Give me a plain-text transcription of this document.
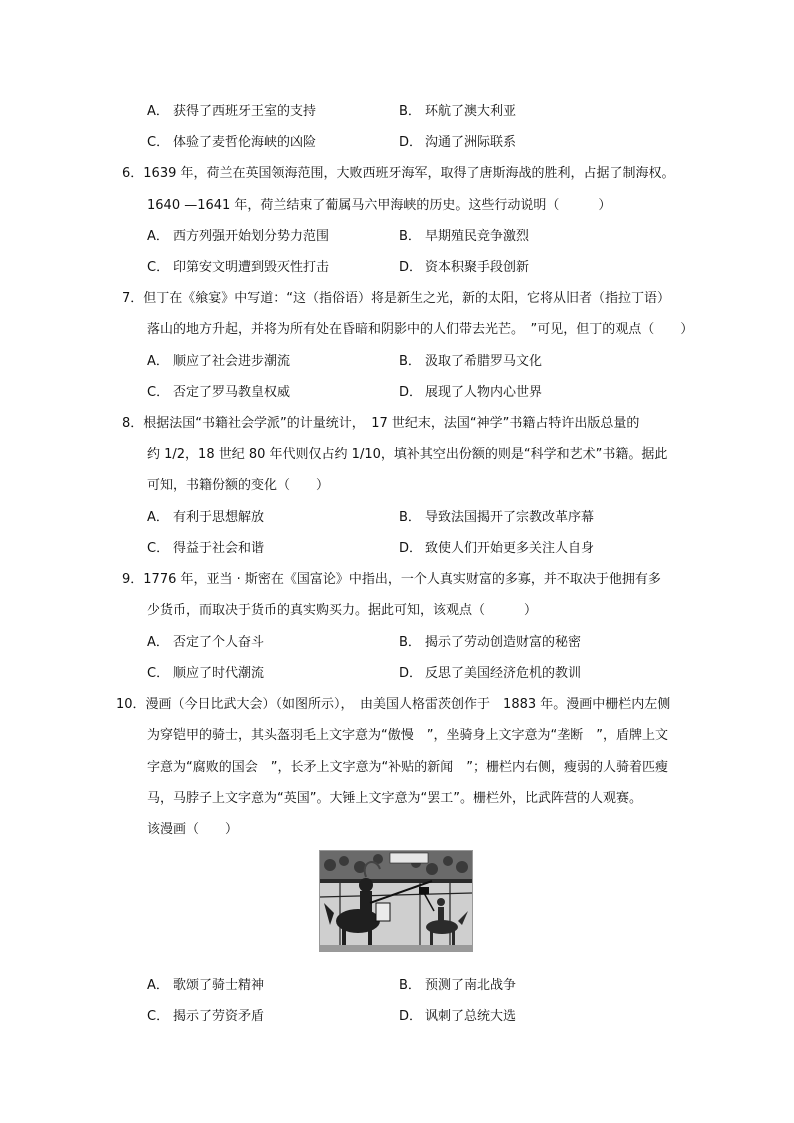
A． 获得了西班牙王室的支持	B． 环航了澳大利亚
C． 体验了麦哲伦海峡的凶险	D． 沟通了洲际联系
6．1639 年，荷兰在英国领海范围，大败西班牙海军，取得了唐斯海战的胜利，占据了制海权。
1640 —1641 年，荷兰结束了葡属马六甲海峡的历史。这些行动说明（　　　）
A． 西方列强开始划分势力范围	B． 早期殖民竞争激烈
C． 印第安文明遭到毁灭性打击	D． 资本积聚手段创新
7．但丁在《飨宴》中写道：“这（指俗语）将是新生之光，新的太阳，它将从旧者（指拉丁语）
落山的地方升起，并将为所有处在昏暗和阴影中的人们带去光芒。　”可见，但丁的观点（　　）
A． 顺应了社会进步潮流	B． 汲取了希腊罗马文化
C． 否定了罗马教皇权威	D． 展现了人物内心世界
8．根据法国“书籍社会学派”的计量统计，　17 世纪末，法国“神学”书籍占特许出版总量的
约 1/2，18 世纪 80 年代则仅占约 1/10，填补其空出份额的则是“科学和艺术”书籍。据此
可知，书籍份额的变化（　　）
A． 有利于思想解放	B． 导致法国揭开了宗教改革序幕
C． 得益于社会和谐	D． 致使人们开始更多关注人自身
9．1776 年，亚当 · 斯密在《国富论》中指出，一个人真实财富的多寡，并不取决于他拥有多
少货币，而取决于货币的真实购买力。据此可知，该观点（　　　）
A． 否定了个人奋斗	B． 揭示了劳动创造财富的秘密
C． 顺应了时代潮流	D． 反思了美国经济危机的教训
10．漫画（今日比武大会）（如图所示），　由美国人格雷茨创作于　1883 年。漫画中栅栏内左侧
为穿铠甲的骑士，其头盔羽毛上文字意为“傲慢　”，坐骑身上文字意为“垄断　”，盾牌上文
字意为“腐败的国会　”，长矛上文字意为“补贴的新闻　”；栅栏内右侧，瘦弱的人骑着匹瘦
马，马脖子上文字意为“英国”。大锤上文字意为“罢工”。栅栏外，比武阵营的人观赛。
该漫画（　　）
A． 歌颂了骑士精神	B． 预测了南北战争
C． 揭示了劳资矛盾	D． 讽刺了总统大选
